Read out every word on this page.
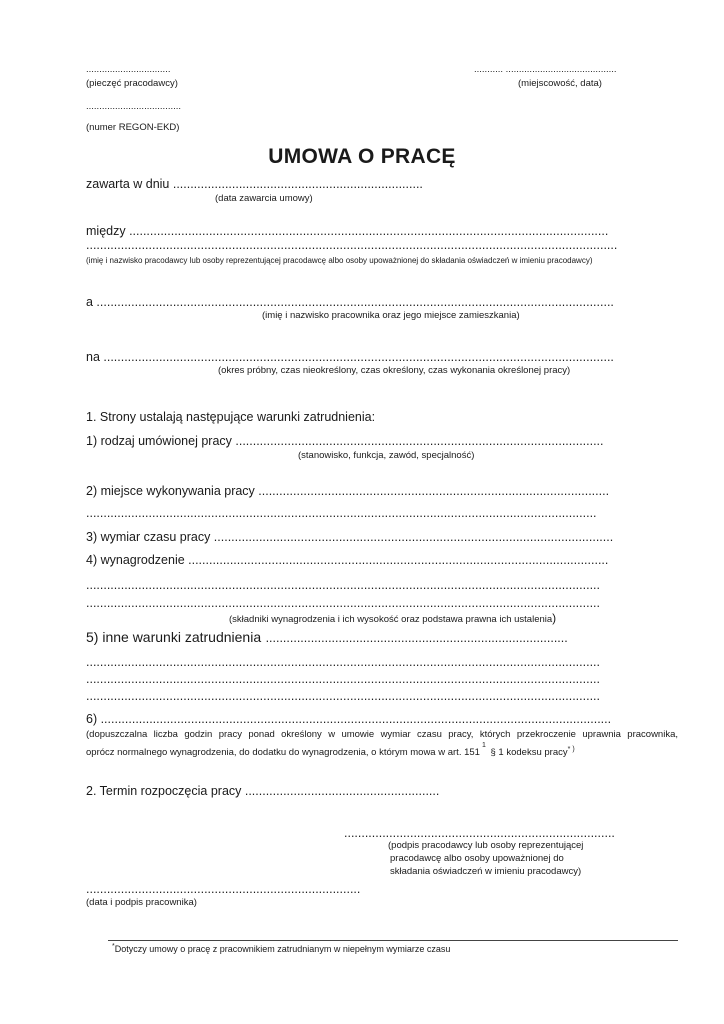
................................
(pieczęć pracodawcy)
........... ..........................................
(miejscowość, data)
....................................
(numer REGON-EKD)
UMOWA O PRACĘ
zawarta w dniu ........................................................................
(data zawarcia umowy)
między ..........................................................................................................................................
.........................................................................................................................................................
(imię i nazwisko pracodawcy lub osoby reprezentującej pracodawcę albo osoby upoważnionej do składania oświadczeń w imieniu pracodawcy)
a .....................................................................................................................................................
(imię i nazwisko pracownika oraz jego miejsce zamieszkania)
na ...................................................................................................................................................
(okres próbny, czas nieokreślony, czas określony, czas wykonania określonej pracy)
1. Strony ustalają następujące warunki zatrudnienia:
1) rodzaj umówionej pracy ..........................................................................................................
(stanowisko, funkcja, zawód, specjalność)
2) miejsce wykonywania pracy .....................................................................................................
...................................................................................................................................................
3) wymiar czasu pracy ...................................................................................................................
4) wynagrodzenie .........................................................................................................................
....................................................................................................................................................
....................................................................................................................................................
(składniki wynagrodzenia i ich wysokość oraz podstawa prawna ich ustalenia)
5) inne warunki zatrudnienia .......................................................................................
....................................................................................................................................................
....................................................................................................................................................
....................................................................................................................................................
6) ...................................................................................................................................................
(dopuszczalna liczba godzin pracy ponad określony w umowie wymiar czasu pracy, których przekroczenie uprawnia pracownika,
oprócz normalnego wynagrodzenia, do dodatku do wynagrodzenia, o którym mowa w art. $151^1$ § 1 kodeksu pracy* )
2. Termin rozpoczęcia pracy ........................................................
..............................................................................
(podpis pracodawcy lub osoby reprezentującej
pracodawcę albo osoby upoważnionej do
składania oświadczeń w imieniu pracodawcy)
...............................................................................
(data i podpis pracownika)
*Dotyczy umowy o pracę z pracownikiem zatrudnianym w niepełnym wymiarze czasu
